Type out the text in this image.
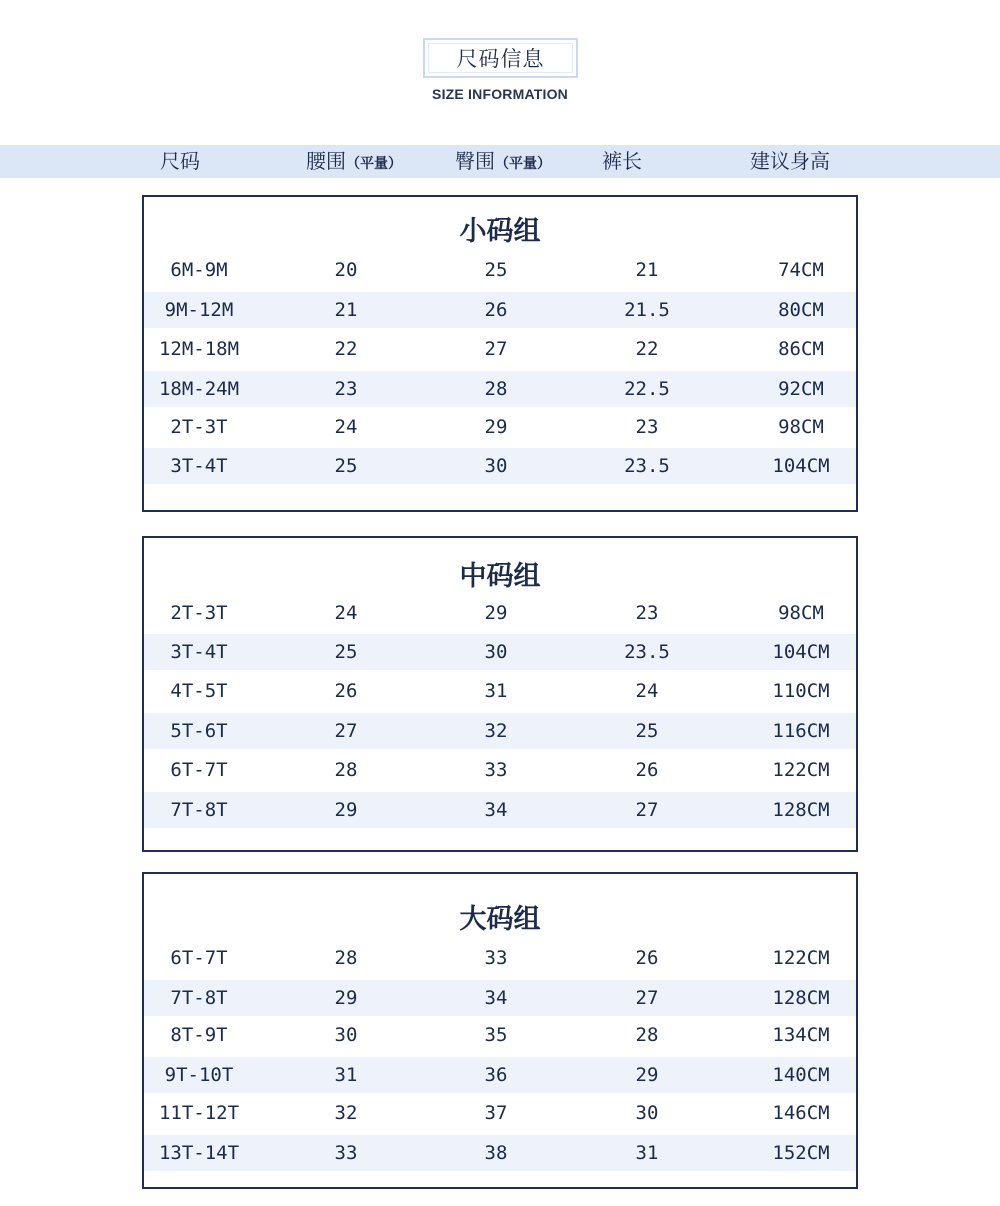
尺码信息
SIZE INFORMATION
尺码	腰围（平量）	臀围（平量）	裤长	建议身高
小码组
6M-9M	20	25	21	74CM
9M-12M	21	26	21.5	80CM
12M-18M	22	27	22	86CM
18M-24M	23	28	22.5	92CM
2T-3T	24	29	23	98CM
3T-4T	25	30	23.5	104CM
中码组
2T-3T	24	29	23	98CM
3T-4T	25	30	23.5	104CM
4T-5T	26	31	24	110CM
5T-6T	27	32	25	116CM
6T-7T	28	33	26	122CM
7T-8T	29	34	27	128CM
大码组
6T-7T	28	33	26	122CM
7T-8T	29	34	27	128CM
8T-9T	30	35	28	134CM
9T-10T	31	36	29	140CM
11T-12T	32	37	30	146CM
13T-14T	33	38	31	152CM
